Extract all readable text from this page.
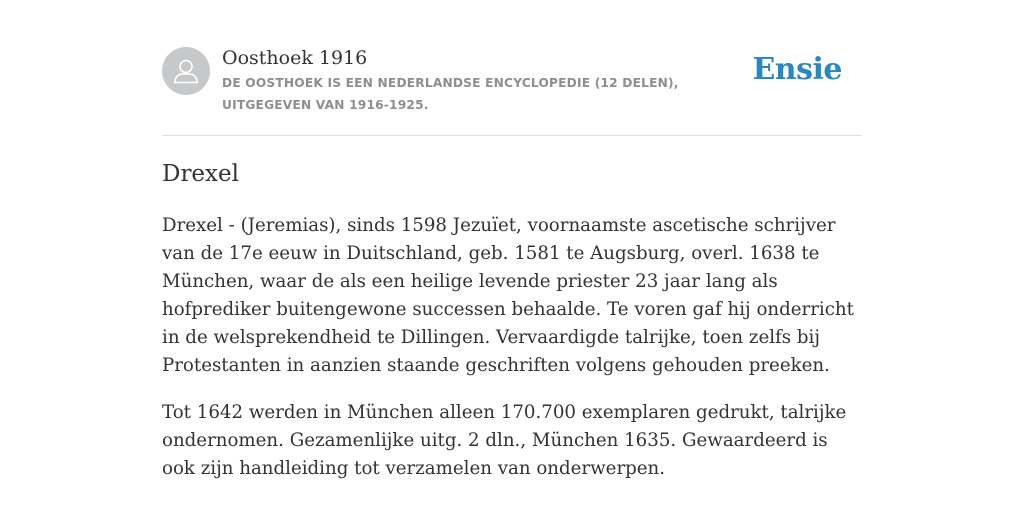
Oosthoek 1916
DE OOSTHOEK IS EEN NEDERLANDSE ENCYCLOPEDIE (12 DELEN), UITGEGEVEN VAN 1916-1925.
Ensie
Drexel

Drexel - (Jeremias), sinds 1598 Jezuïet, voornaamste ascetische schrijver van de 17e eeuw in Duitschland, geb. 1581 te Augsburg, overl. 1638 te München, waar de als een heilige levende priester 23 jaar lang als hofprediker buitengewone successen behaalde. Te voren gaf hij onderricht in de welsprekendheid te Dillingen. Vervaardigde talrijke, toen zelfs bij Protestanten in aanzien staande geschriften volgens gehouden preeken.

Tot 1642 werden in München alleen 170.700 exemplaren gedrukt, talrijke ondernomen. Gezamenlijke uitg. 2 dln., München 1635. Gewaardeerd is ook zijn handleiding tot verzamelen van onderwerpen.
